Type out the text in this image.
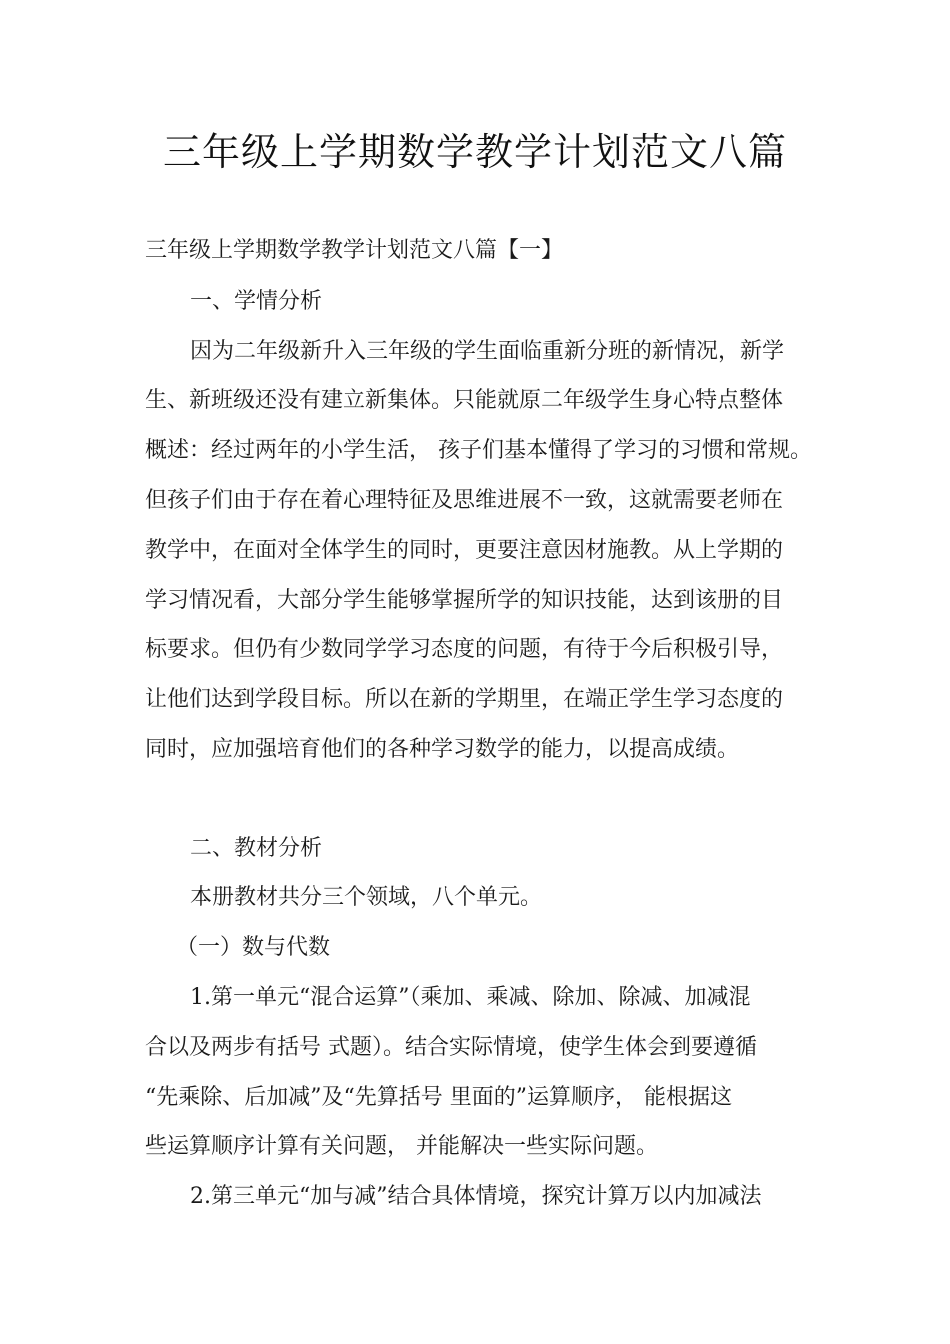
三年级上学期数学教学计划范文八篇
三年级上学期数学教学计划范文八篇【一】
一、学情分析
因为二年级新升入三年级的学生面临重新分班的新情况，新学
生、新班级还没有建立新集体。只能就原二年级学生身心特点整体
概述：经过两年的小学生活， 孩子们基本懂得了学习的习惯和常规。
但孩子们由于存在着心理特征及思维进展不一致，这就需要老师在
教学中，在面对全体学生的同时，更要注意因材施教。从上学期的
学习情况看，大部分学生能够掌握所学的知识技能，达到该册的目
标要求。但仍有少数同学学习态度的问题，有待于今后积极引导，
让他们达到学段目标。所以在新的学期里，在端正学生学习态度的
同时，应加强培育他们的各种学习数学的能力，以提高成绩。
二、教材分析
本册教材共分三个领域，八个单元。
（一）数与代数
1.第一单元“混合运算”（乘加、乘减、除加、除减、加减混
合以及两步有括号 式题）。结合实际情境，使学生体会到要遵循
“先乘除、后加减”及“先算括号 里面的”运算顺序， 能根据这
些运算顺序计算有关问题， 并能解决一些实际问题。
2.第三单元“加与减”结合具体情境，探究计算万以内加减法
